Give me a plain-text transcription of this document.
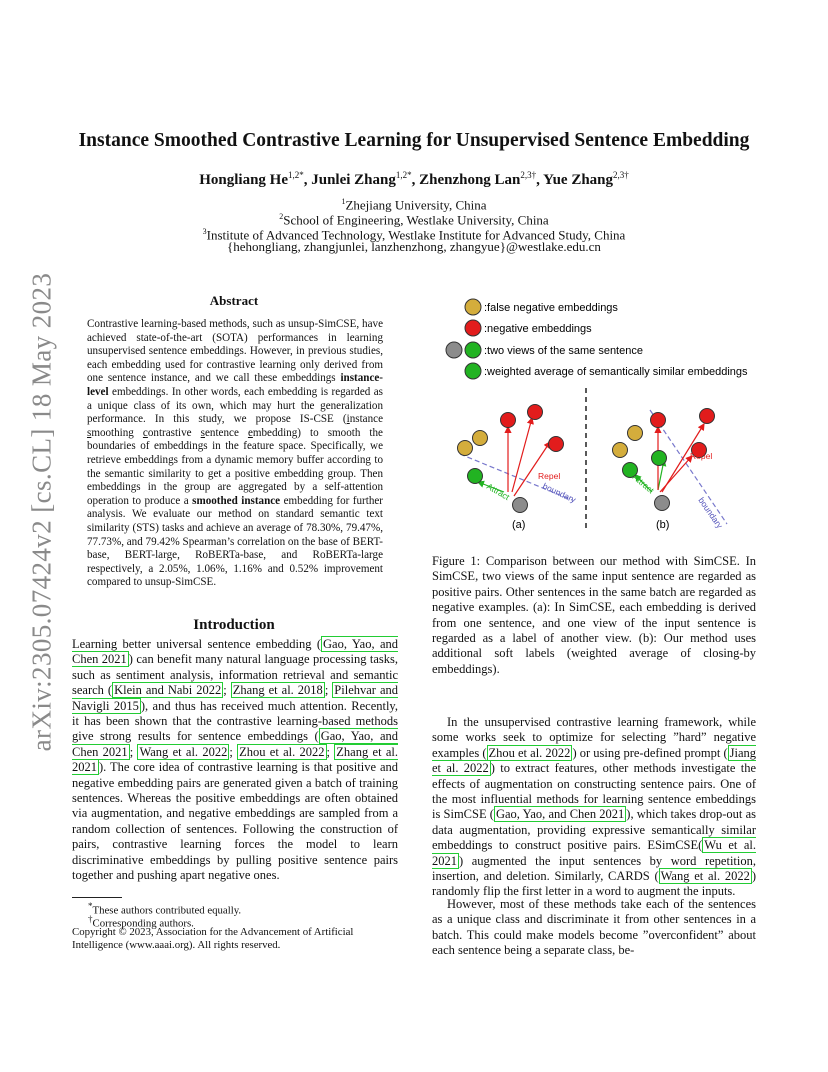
arXiv:2305.07424v2 [cs.CL] 18 May 2023
Instance Smoothed Contrastive Learning for Unsupervised Sentence Embedding
Hongliang $He^{1,2*}$, Junlei Zhang$^{1,2*}$, Zhenzhong Lan$^{2,3\dagger}$, Yue Zhang$^{2,3\dagger}$
$^1$Zhejiang University, China
$^2$School of Engineering, Westlake University, China
$^3$Institute of Advanced Technology, Westlake Institute for Advanced Study, China
{hehongliang, zhangjunlei, lanzhenzhong, zhangyue}@westlake.edu.cn
Abstract
Contrastive learning-based methods, such as unsup-SimCSE, have achieved state-of-the-art (SOTA) performances in learning unsupervised sentence embeddings. However, in previous studies, each embedding used for contrastive learning only derived from one sentence instance, and we call these embeddings instance-level embeddings. In other words, each embedding is regarded as a unique class of its own, which may hurt the generalization performance. In this study, we propose IS-CSE (instance smoothing contrastive sentence embedding) to smooth the boundaries of embeddings in the feature space. Specifically, we retrieve embeddings from a dynamic memory buffer according to the semantic similarity to get a positive embedding group. Then embeddings in the group are aggregated by a self-attention operation to produce a smoothed instance embedding for further analysis. We evaluate our method on standard semantic text similarity (STS) tasks and achieve an average of 78.30%, 79.47%, 77.73%, and 79.42% Spearman’s correlation on the base of BERT-base, BERT-large, RoBERTa-base, and RoBERTa-large respectively, a 2.05%, 1.06%, 1.16% and 0.52% improvement compared to unsup-SimCSE.
Introduction
Learning better universal sentence embedding ( Gao, Yao, and Chen 2021 ) can benefit many natural language processing tasks, such as sentiment analysis, information retrieval and semantic search ( Klein and Nabi 2022 ; Zhang et al. 2018 ; Pilehvar and Navigli 2015 ), and thus has received much attention. Recently, it has been shown that the contrastive learning-based methods give strong results for sentence embeddings ( Gao, Yao, and Chen 2021 ; Wang et al. 2022 ; Zhou et al. 2022 ; Zhang et al. 2021 ). The core idea of contrastive learning is that positive and negative embedding pairs are generated given a batch of training sentences. Whereas the positive embeddings are often obtained via augmentation, and negative embeddings are sampled from a random collection of sentences. Following the construction of pairs, contrastive learning forces the model to learn discriminative embeddings by pulling positive sentence pairs together and pushing apart negative ones.
*These authors contributed equally.
†Corresponding authors.
Copyright © 2023, Association for the Advancement of Artificial Intelligence (www.aaai.org). All rights reserved.
:false negative embeddings
:negative embeddings
:two views of the same sentence
:weighted average of semantically similar embeddings
Repel
Attract	boundary
(a)
Repel
Attract
boundary
(b)
Figure 1: Comparison between our method with SimCSE. In SimCSE, two views of the same input sentence are regarded as positive pairs. Other sentences in the same batch are regarded as negative examples. (a): In SimCSE, each embedding is derived from one sentence, and one view of the input sentence is regarded as a label of another view. (b): Our method uses additional soft labels (weighted average of closing-by embeddings).
In the unsupervised contrastive learning framework, while some works seek to optimize for selecting ”hard” negative examples ( Zhou et al. 2022 ) or using pre-defined prompt ( Jiang et al. 2022 ) to extract features, other methods investigate the effects of augmentation on constructing sentence pairs. One of the most influential methods for learning sentence embeddings is SimCSE ( Gao, Yao, and Chen 2021 ), which takes drop-out as data augmentation, providing expressive semantically similar embeddings to construct positive pairs. ESimCSE( Wu et al. 2021 ) augmented the input sentences by word repetition, insertion, and deletion. Similarly, CARDS ( Wang et al. 2022 ) randomly flip the first letter in a word to augment the inputs.
However, most of these methods take each of the sentences as a unique class and discriminate it from other sentences in a batch. This could make models become ”overconfident” about each sentence being a separate class, be-
